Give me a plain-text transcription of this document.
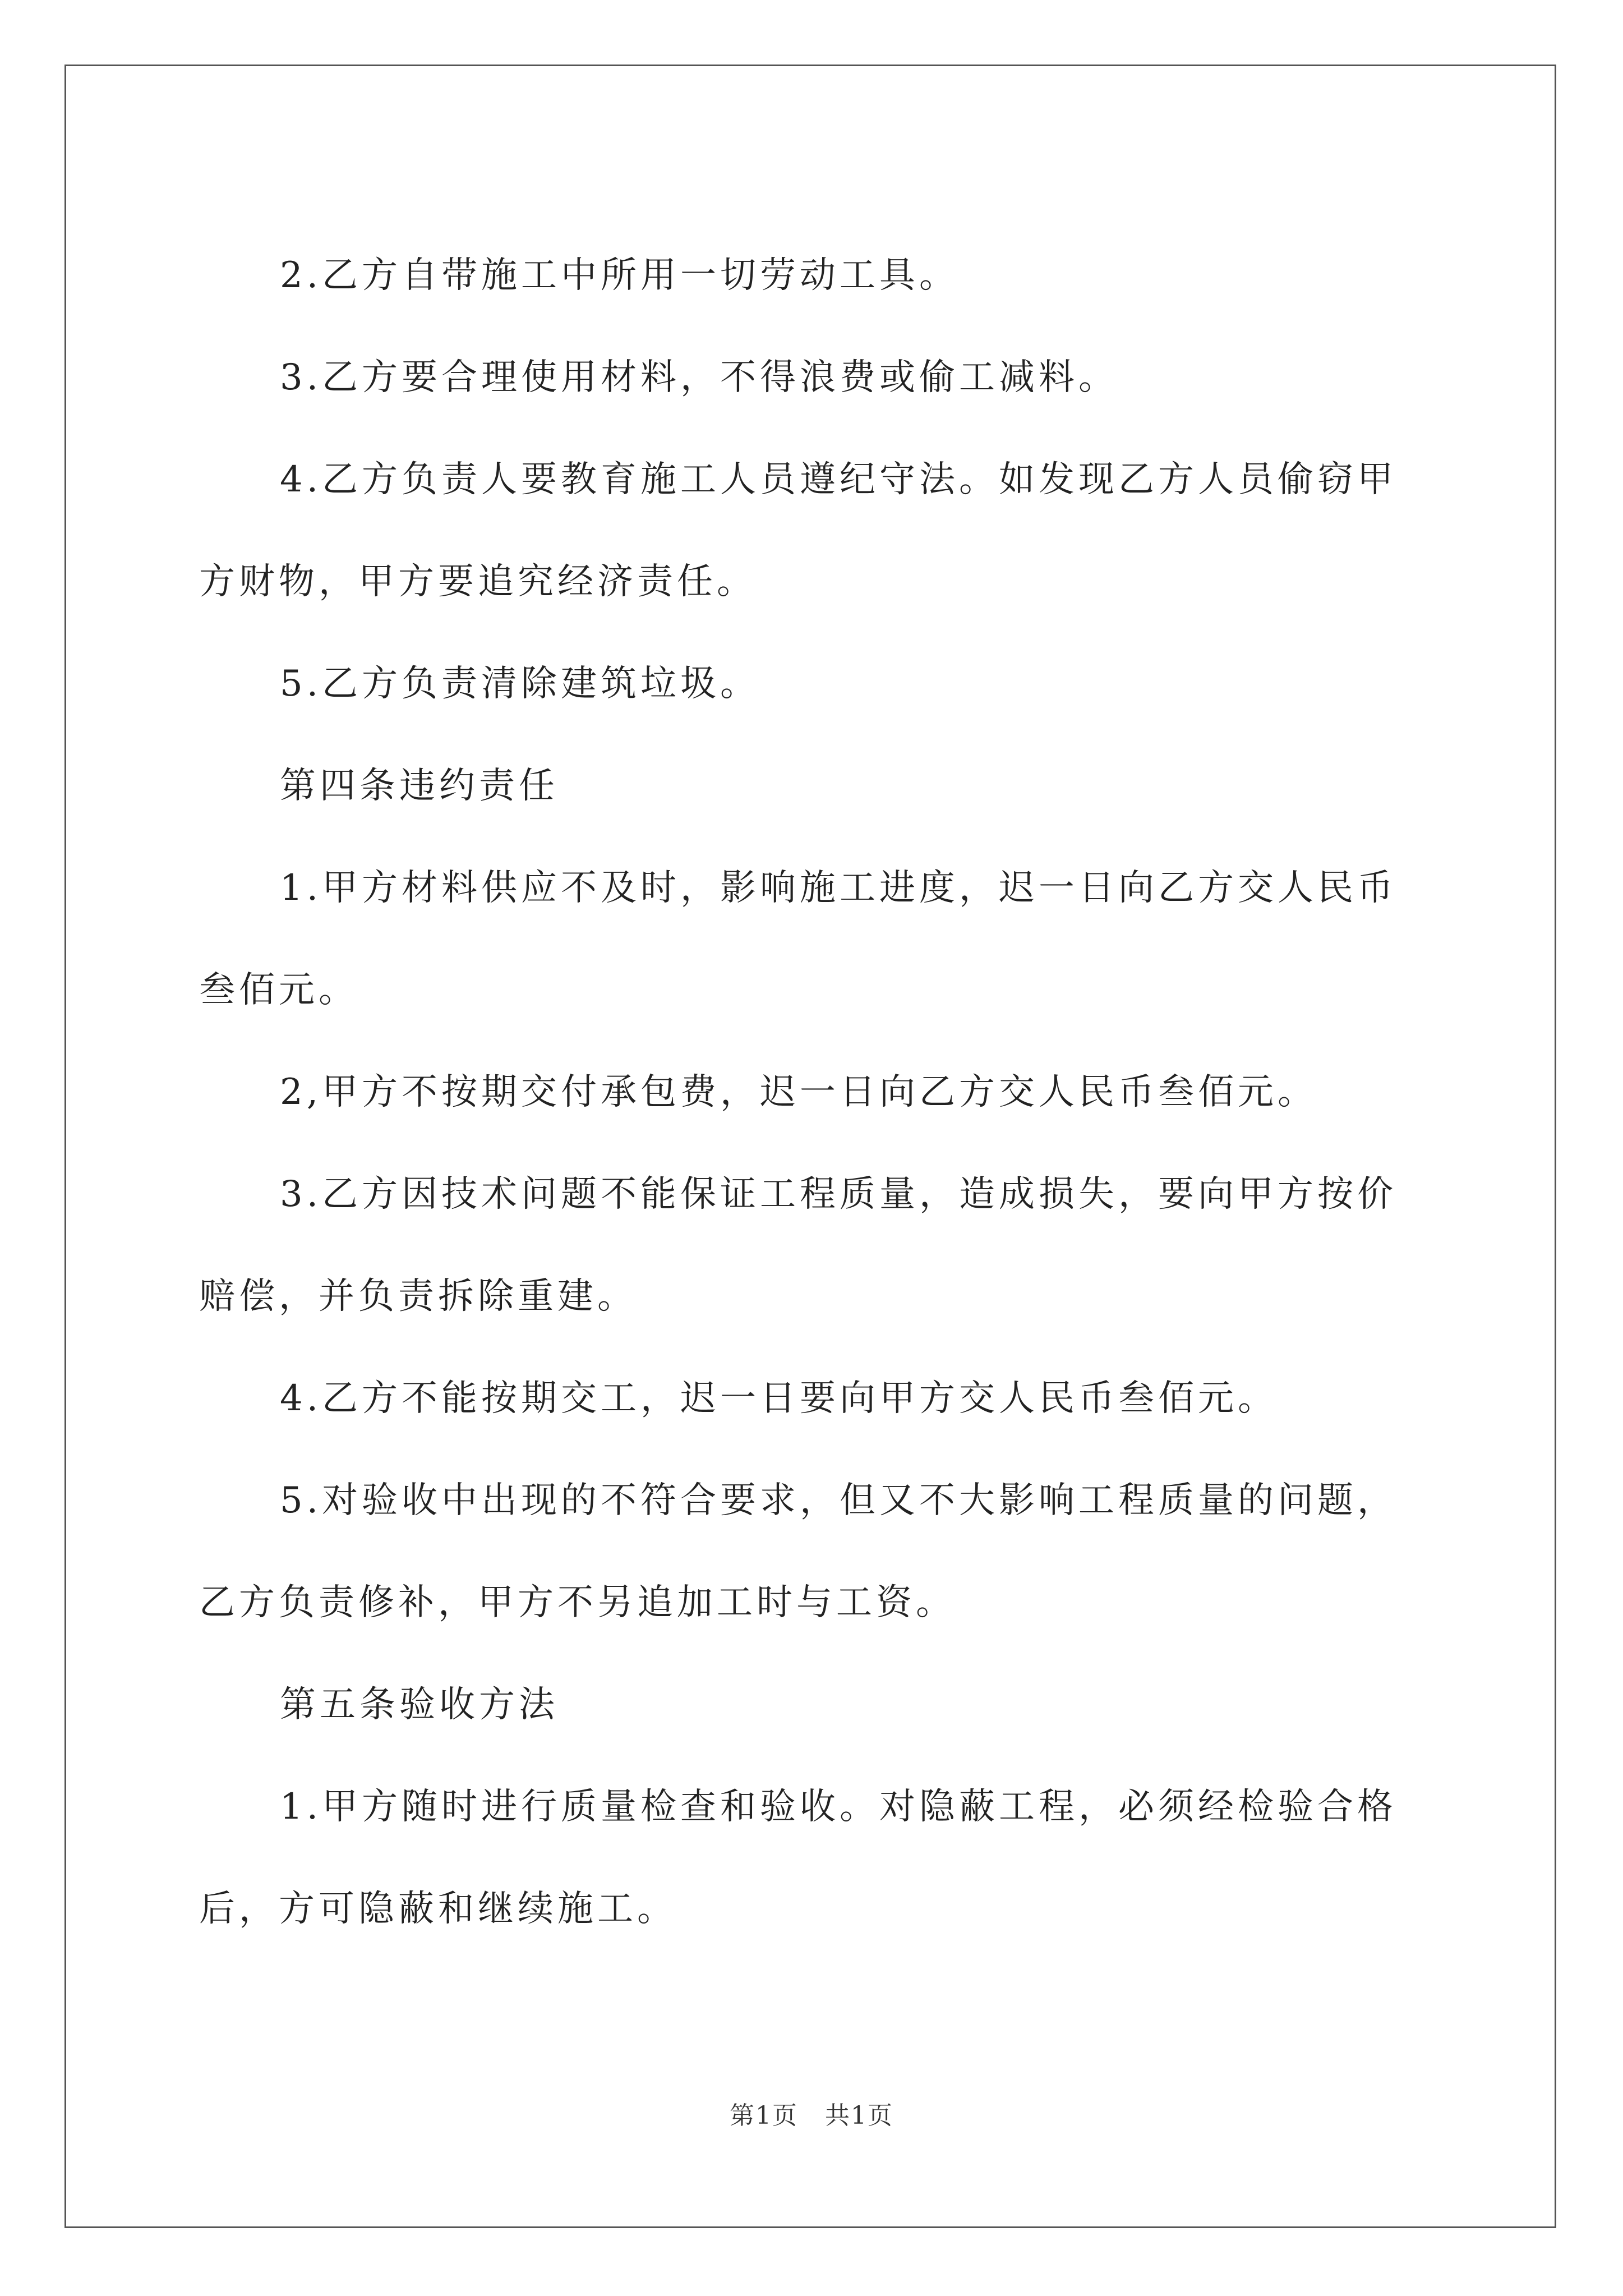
2.乙方自带施工中所用一切劳动工具。

3.乙方要合理使用材料，不得浪费或偷工减料。

4.乙方负责人要教育施工人员遵纪守法。如发现乙方人员偷窃甲

方财物，甲方要追究经济责任。

5.乙方负责清除建筑垃圾。

第四条违约责任

1.甲方材料供应不及时，影响施工进度，迟一日向乙方交人民币

叁佰元。

2,甲方不按期交付承包费，迟一日向乙方交人民币叁佰元。

3.乙方因技术问题不能保证工程质量，造成损失，要向甲方按价

赔偿，并负责拆除重建。

4.乙方不能按期交工，迟一日要向甲方交人民币叁佰元。

5.对验收中出现的不符合要求，但又不大影响工程质量的问题，

乙方负责修补，甲方不另追加工时与工资。

第五条验收方法

1.甲方随时进行质量检查和验收。对隐蔽工程，必须经检验合格

后，方可隐蔽和继续施工。

第1页 共1页
